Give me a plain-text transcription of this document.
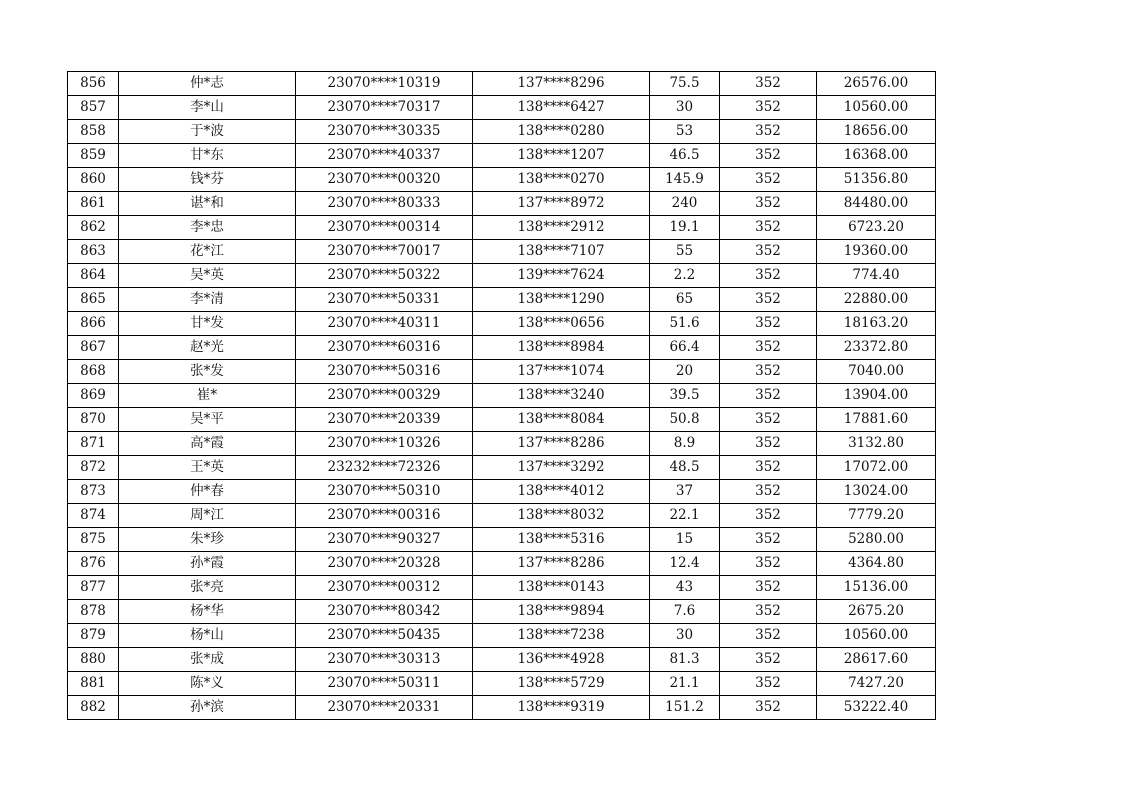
856	仲*志	23070****10319	137****8296	75.5	352	26576.00
857	李*山	23070****70317	138****6427	30	352	10560.00
858	于*波	23070****30335	138****0280	53	352	18656.00
859	甘*东	23070****40337	138****1207	46.5	352	16368.00
860	钱*芬	23070****00320	138****0270	145.9	352	51356.80
861	谌*和	23070****80333	137****8972	240	352	84480.00
862	李*忠	23070****00314	138****2912	19.1	352	6723.20
863	花*江	23070****70017	138****7107	55	352	19360.00
864	吴*英	23070****50322	139****7624	2.2	352	774.40
865	李*清	23070****50331	138****1290	65	352	22880.00
866	甘*发	23070****40311	138****0656	51.6	352	18163.20
867	赵*光	23070****60316	138****8984	66.4	352	23372.80
868	张*发	23070****50316	137****1074	20	352	7040.00
869	崔*	23070****00329	138****3240	39.5	352	13904.00
870	吴*平	23070****20339	138****8084	50.8	352	17881.60
871	高*霞	23070****10326	137****8286	8.9	352	3132.80
872	王*英	23232****72326	137****3292	48.5	352	17072.00
873	仲*春	23070****50310	138****4012	37	352	13024.00
874	周*江	23070****00316	138****8032	22.1	352	7779.20
875	朱*珍	23070****90327	138****5316	15	352	5280.00
876	孙*霞	23070****20328	137****8286	12.4	352	4364.80
877	张*亮	23070****00312	138****0143	43	352	15136.00
878	杨*华	23070****80342	138****9894	7.6	352	2675.20
879	杨*山	23070****50435	138****7238	30	352	10560.00
880	张*成	23070****30313	136****4928	81.3	352	28617.60
881	陈*义	23070****50311	138****5729	21.1	352	7427.20
882	孙*滨	23070****20331	138****9319	151.2	352	53222.40
